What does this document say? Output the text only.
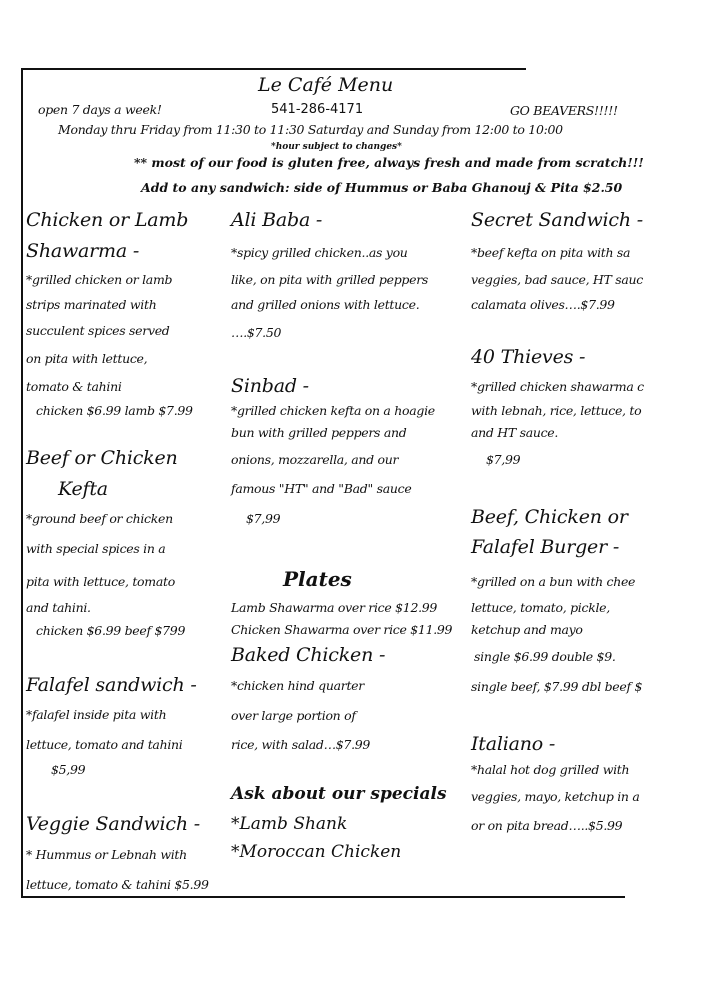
Le Café Menu
open 7 days a week!	541-286-4171	GO BEAVERS!!!!!
Monday thru Friday from 11:30 to 11:30 Saturday and Sunday from 12:00 to 10:00
*hour subject to changes*
** most of our food is gluten free, always fresh and made from scratch!!!
Add to any sandwich: side of Hummus or Baba Ghanouj & Pita $2.50
Chicken or Lamb
Shawarma -
*grilled chicken or lamb
strips marinated with
succulent spices served
on pita with lettuce,
tomato & tahini
chicken $6.99 lamb $7.99
Beef or Chicken
Kefta
*ground beef or chicken
with special spices in a
pita with lettuce, tomato
and tahini.
chicken $6.99 beef $799
Falafel sandwich -
*falafel inside pita with
lettuce, tomato and tahini
$5,99
Veggie Sandwich -
* Hummus or Lebnah with
lettuce, tomato & tahini $5.99
Ali Baba -
*spicy grilled chicken..as you
like, on pita with grilled peppers
and grilled onions with lettuce.
….$7.50
Sinbad -
*grilled chicken kefta on a hoagie
bun with grilled peppers and
onions, mozzarella, and our
famous "HT" and "Bad" sauce
$7,99
Plates
Lamb Shawarma over rice $12.99
Chicken Shawarma over rice $11.99
Baked Chicken -
*chicken hind quarter
over large portion of
rice, with salad…$7.99
Ask about our specials
*Lamb Shank
*Moroccan Chicken
Secret Sandwich -
*beef kefta on pita with sa
veggies, bad sauce, HT sauc
calamata olives….$7.99
40 Thieves -
*grilled chicken shawarma c
with lebnah, rice, lettuce, to
and HT sauce.
$7,99
Beef, Chicken or
Falafel Burger -
*grilled on a bun with chee
lettuce, tomato, pickle,
ketchup and mayo
single $6.99 double $9.
single beef, $7.99 dbl beef $
Italiano -
*halal hot dog grilled with
veggies, mayo, ketchup in a
or on pita bread…..$5.99
